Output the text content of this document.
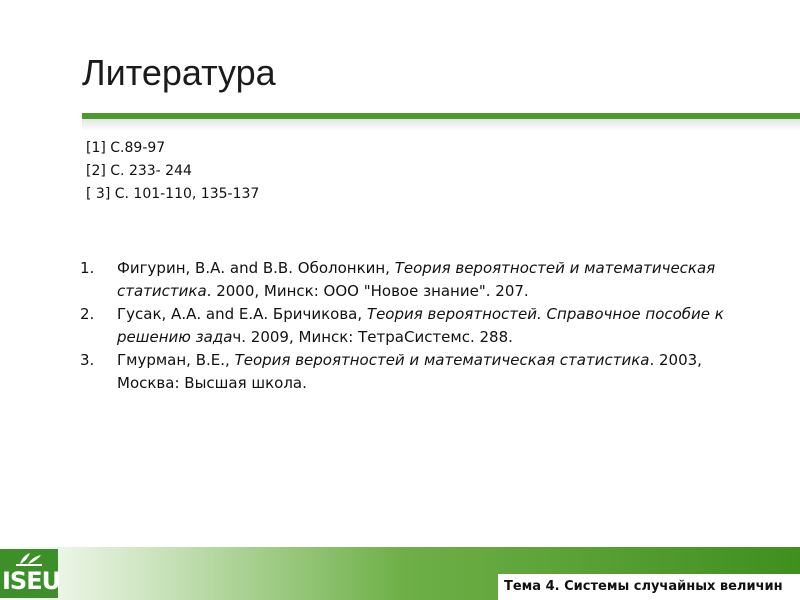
Литература
[1] С.89-97
[2] С. 233- 244
[ 3] С. 101-110, 135-137
1. Фигурин, В.А. and В.В. Оболонкин, Теория вероятностей и математическая статистика. 2000, Минск: ООО "Новое знание". 207.
2. Гусак, А.А. and Е.А. Бричикова, Теория вероятностей. Справочное пособие к решению задач. 2009, Минск: ТетраСистемс. 288.
3. Гмурман, В.Е., Теория вероятностей и математическая статистика. 2003, Москва: Высшая школа.
ISEU	Тема 4. Системы случайных величин
